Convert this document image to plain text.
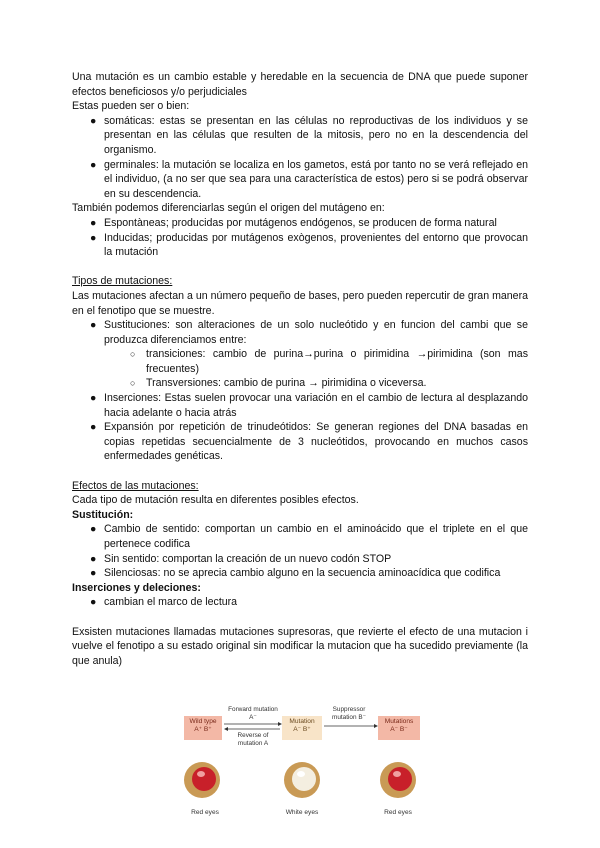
Una mutación es un cambio estable y heredable en la secuencia de DNA que puede suponer efectos beneficiosos y/o perjudiciales

Estas pueden ser o bien:

● somáticas: estas se presentan en las células no reproductivas de los individuos y se presentan en las células que resulten de la mitosis, pero no en la descendencia del organismo.
● germinales: la mutación se localiza en los gametos, está por tanto no se verá reflejado en el individuo, (a no ser que sea para una característica de estos) pero si se podrá observar en su descendencia.

También podemos diferenciarlas según el origen del mutágeno en:

● Espontàneas; producidas por mutágenos endógenos, se producen de forma natural
● Inducidas; producidas por mutágenos exògenos, provenientes del entorno que provocan la mutación

Tipos de mutaciones:

Las mutaciones afectan a un número pequeño de bases, pero pueden repercutir de gran manera en el fenotipo que se muestre.

● Sustituciones: son alteraciones de un solo nucleótido y en funcion del cambi que se produzca diferenciamos entre:
○ transiciones: cambio de purina→purina o pirimidina →pirimidina (son mas frecuentes)
○ Transversiones: cambio de purina → pirimidina o viceversa.
● Inserciones: Estas suelen provocar una variación en el cambio de lectura al desplazando hacia adelante o hacia atrás
● Expansión por repetición de trinudeótidos: Se generan regiones del DNA basadas en copias repetidas secuencialmente de 3 nucleótidos, provocando en muchos casos enfermedades genéticas.

Efectos de las mutaciones:

Cada tipo de mutación resulta en diferentes posibles efectos.

Sustitución:

● Cambio de sentido: comportan un cambio en el aminoácido que el triplete en el que pertenece codifica
● Sin sentido: comportan la creación de un nuevo codón STOP
● Silenciosas: no se aprecia cambio alguno en la secuencia aminoacídica que codifica

Inserciones y deleciones:

● cambian el marco de lectura

Exsisten mutaciones llamadas mutaciones supresoras, que revierte el efecto de una mutacion i vuelve el fenotipo a su estado original sin modificar la mutacion que ha sucedido previamente (la que anula)

Wild type
A⁺ B⁺
Mutation
A⁻ B⁺
Mutations
A⁻ B⁻
Forward mutation A⁻
Reverse of mutation A
Suppressor mutation B⁻
Red eyes	White eyes	Red eyes
